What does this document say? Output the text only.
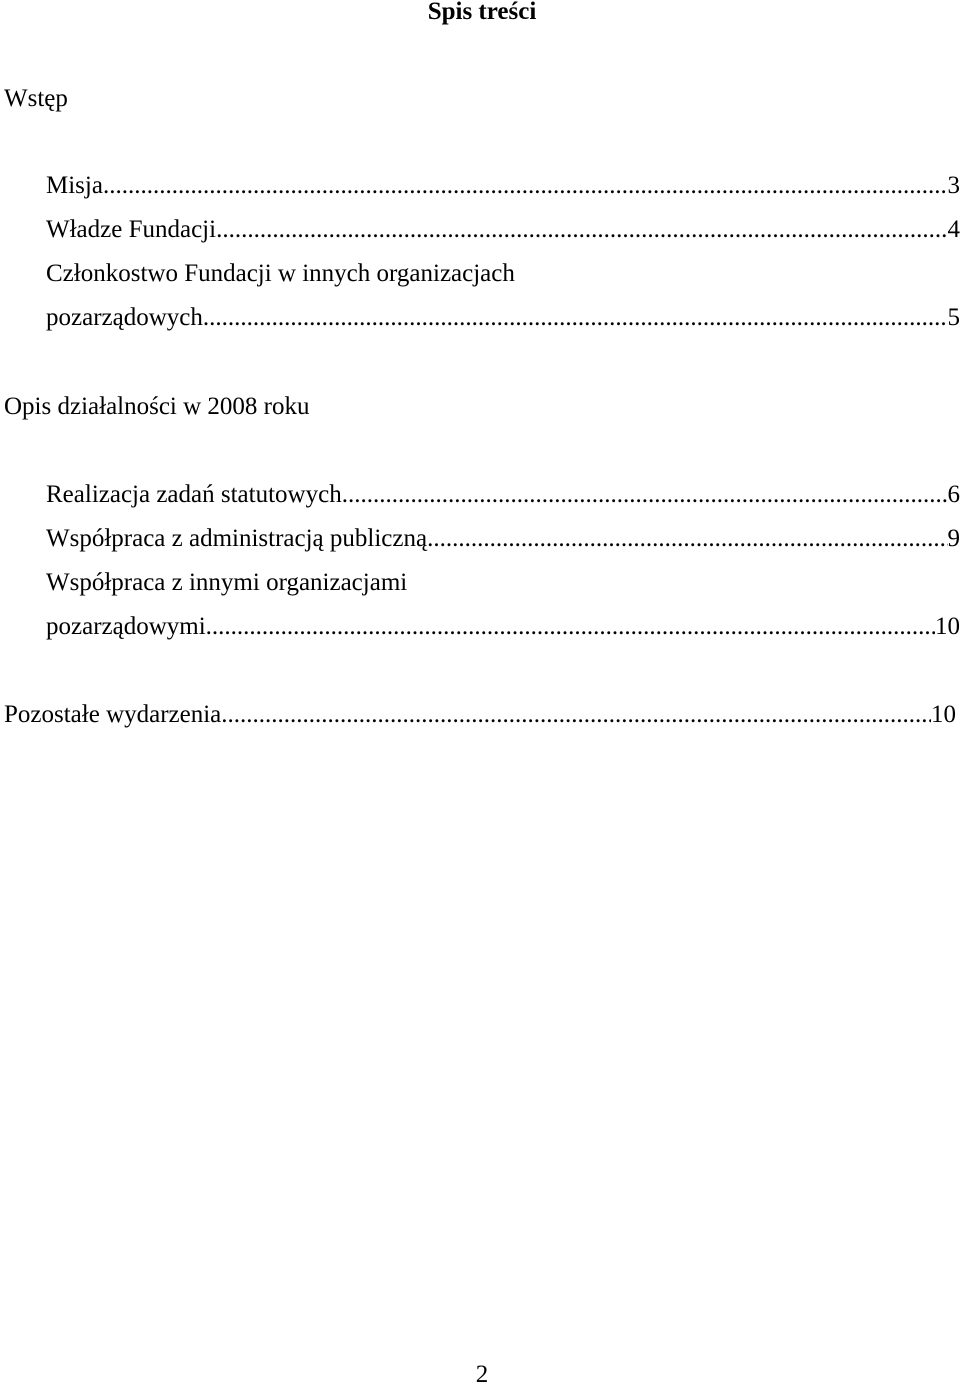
Spis treści
Wstęp
Misja .....	3
Władze Fundacji .....	4
Członkostwo Fundacji w innych organizacjach
pozarządowych .....	5
Opis działalności w 2008 roku
Realizacja zadań statutowych .....	6
Współpraca z administracją publiczną .....	9
Współpraca z innymi organizacjami
pozarządowymi .....	10
Pozostałe wydarzenia .....	10
2
